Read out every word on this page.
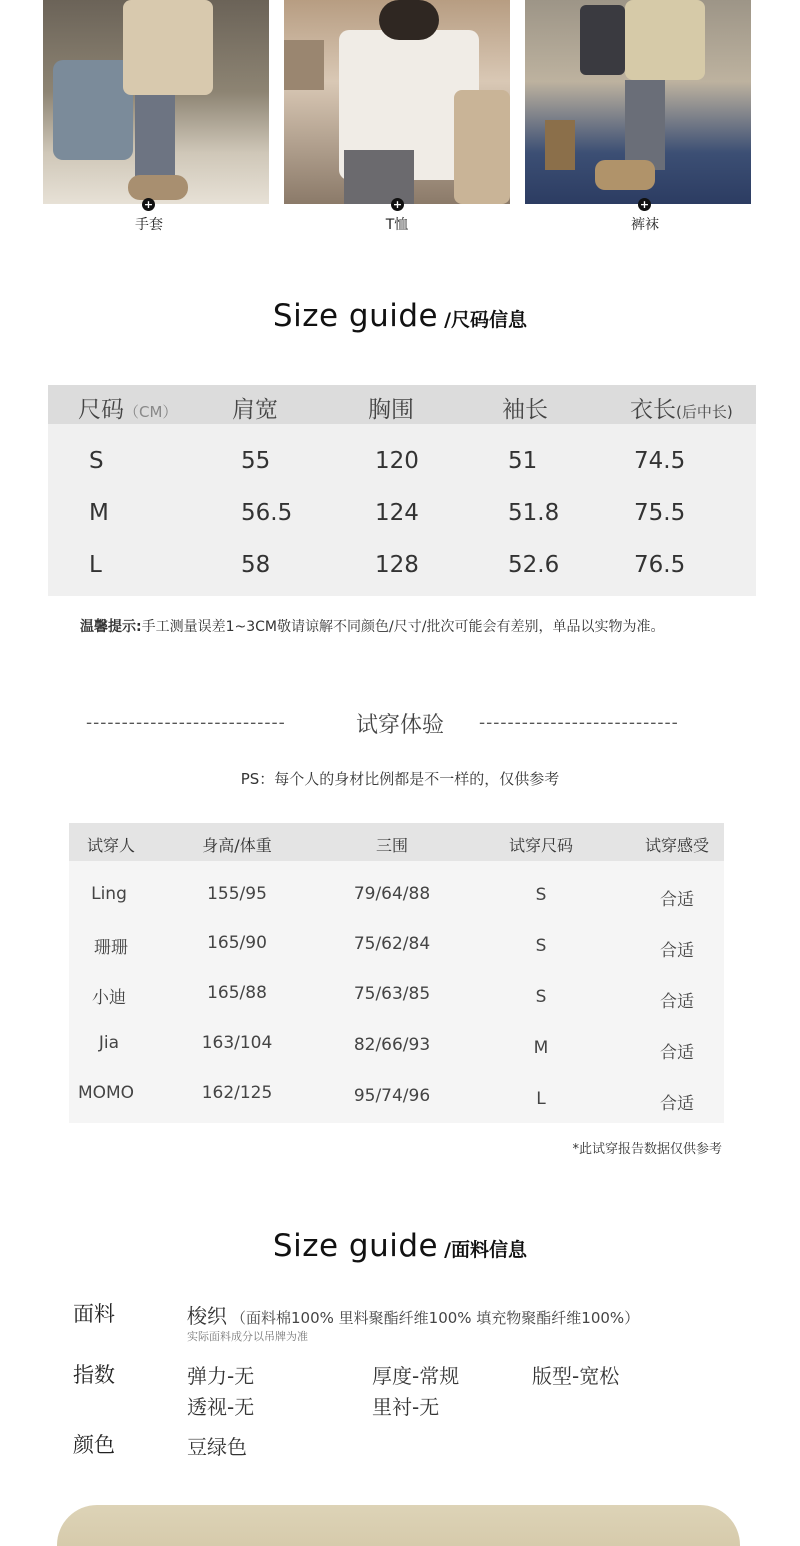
+	+	+
手套	T恤	裤袜
Size guide /尺码信息
尺码（CM） 肩宽	胸围	袖长	衣长(后中长)
S	55	120	51	74.5
M	56.5	124	51.8	75.5
L	58	128	52.6	76.5
温馨提示:手工测量误差1~3CM敬请谅解不同颜色/尺寸/批次可能会有差别，单品以实物为准。
----------------------------	试穿体验	----------------------------
PS：每个人的身材比例都是不一样的，仅供参考
试穿人	身高/体重	三围	试穿尺码	试穿感受
Ling	155/95	79/64/88	S	合适
珊珊	165/90	75/62/84	S	合适
小迪	165/88	75/63/85	S	合适
Jia	163/104	82/66/93	M	合适
MOMO	162/125	95/74/96	L	合适
*此试穿报告数据仅供参考
Size guide /面料信息
面料	梭织 （面料棉100% 里料聚酯纤维100% 填充物聚酯纤维100%）
实际面料成分以吊牌为准
指数	弹力-无	厚度-常规	版型-宽松
透视-无	里衬-无
颜色	豆绿色
